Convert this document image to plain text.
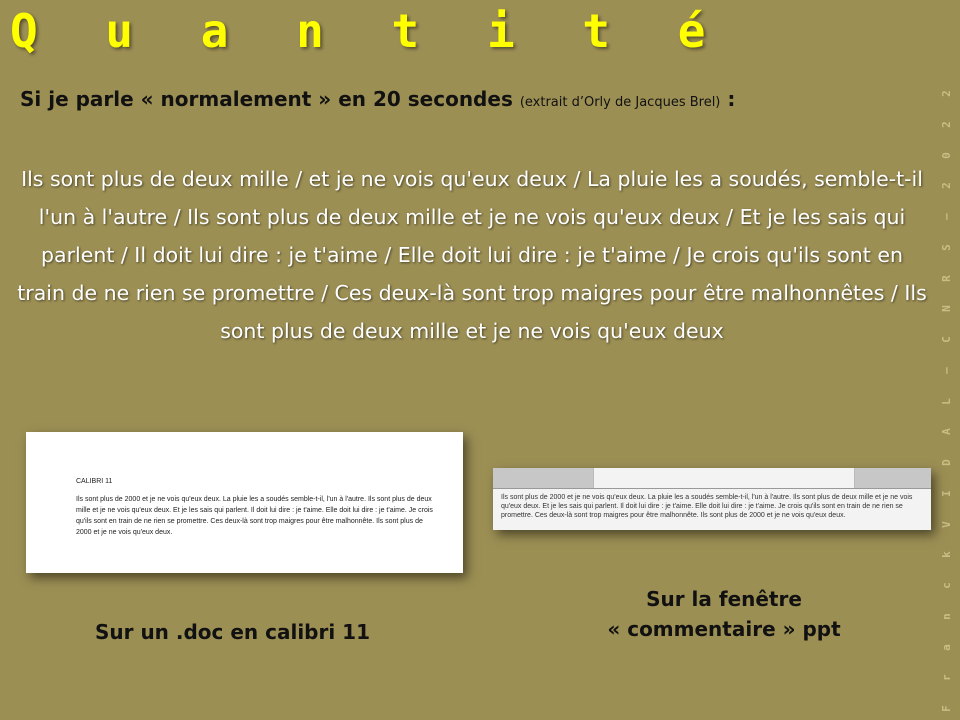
Q u a n t i t é
Si je parle « normalement » en 20 secondes (extrait d’Orly de Jacques Brel) :
Ils sont plus de deux mille / et je ne vois qu'eux deux / La pluie les a soudés, semble-t-il l'un à l'autre / Ils sont plus de deux mille et je ne vois qu'eux deux / Et je les sais qui parlent / Il doit lui dire : je t'aime / Elle doit lui dire : je t'aime / Je crois qu'ils sont en train de ne rien se promettre / Ces deux-là sont trop maigres pour être malhonnêtes / Ils sont plus de deux mille et je ne vois qu'eux deux
2
2
0
2
–
S
R
N
C
–
L
A
D
I
V
k
c
n
a
r
F
CALIBRI 11
Ils sont plus de 2000 et je ne vois qu'eux deux. La pluie les a soudés semble-t-il, l'un à l'autre. Ils sont plus de deux mille et je ne vois qu'eux deux. Et je les sais qui parlent. Il doit lui dire : je t'aime. Elle doit lui dire : je t'aime. Je crois qu'ils sont en train de ne rien se promettre. Ces deux-là sont trop maigres pour être malhonnête. Ils sont plus de 2000 et je ne vois qu'eux deux.
Ils sont plus de 2000 et je ne vois qu'eux deux. La pluie les a soudés semble-t-il, l'un à l'autre. Ils sont plus de deux mille et je ne vois qu'eux deux. Et je les sais qui parlent. Il doit lui dire : je t'aime. Elle doit lui dire : je t'aime. Je crois qu'ils sont en train de ne rien se promettre. Ces deux-là sont trop maigres pour être malhonnête. Ils sont plus de 2000 et je ne vois qu'eux deux.
Sur un .doc en calibri 11
Sur la fenêtre
« commentaire » ppt
